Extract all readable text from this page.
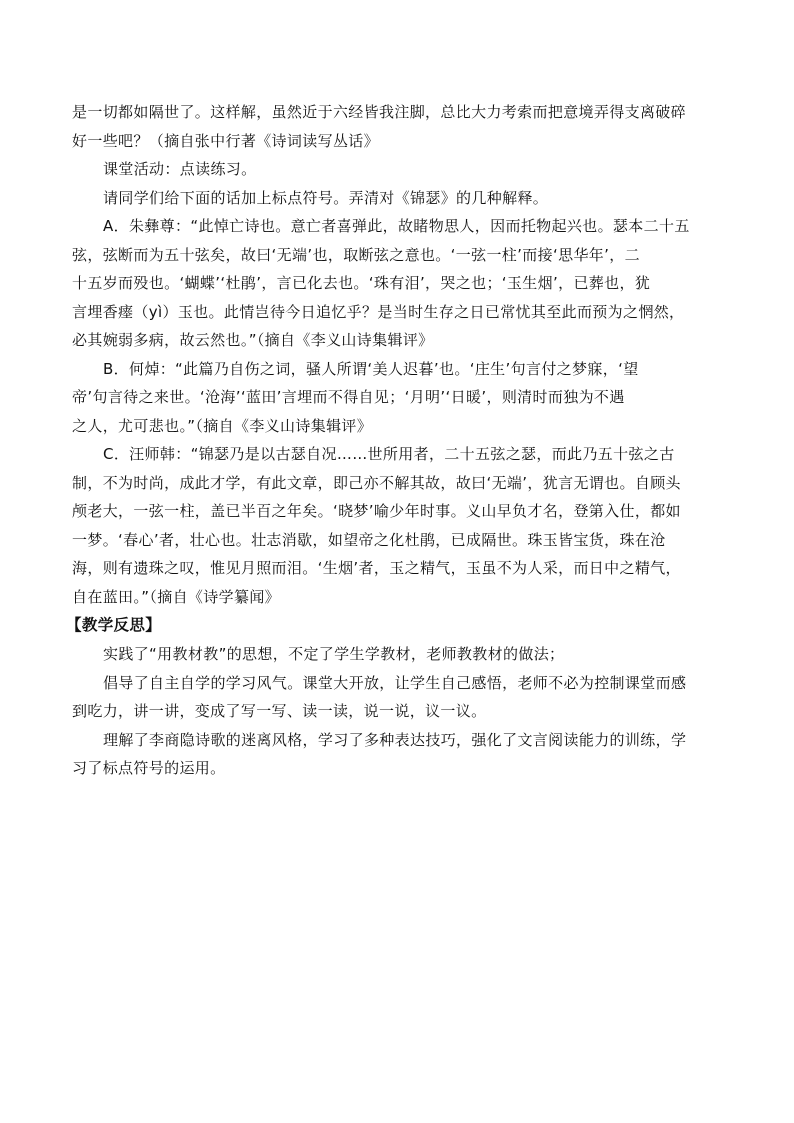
是一切都如隔世了。这样解，虽然近于六经皆我注脚，总比大力考索而把意境弄得支离破碎
好一些吧？（摘自张中行著《诗词读写丛话》
课堂活动：点读练习。
请同学们给下面的话加上标点符号。弄清对《锦瑟》的几种解释。
A．朱彝尊：“此悼亡诗也。意亡者喜弹此，故睹物思人，因而托物起兴也。瑟本二十五
弦，弦断而为五十弦矣，故曰‘无端’也，取断弦之意也。‘一弦一柱’而接‘思华年’，二
十五岁而殁也。‘蝴蝶’‘杜鹃’，言已化去也。‘珠有泪’，哭之也；‘玉生烟’，已葬也，犹
言埋香瘗（yì）玉也。此情岂待今日追忆乎？是当时生存之日已常忧其至此而预为之惘然，
必其婉弱多病，故云然也。”（摘自《李义山诗集辑评》
B．何焯：“此篇乃自伤之词，骚人所谓‘美人迟暮’也。‘庄生’句言付之梦寐，‘望
帝’句言待之来世。‘沧海’‘蓝田’言埋而不得自见；‘月明’‘日暖’，则清时而独为不遇
之人，尤可悲也。”（摘自《李义山诗集辑评》
C．汪师韩：“锦瑟乃是以古瑟自况……世所用者，二十五弦之瑟，而此乃五十弦之古
制，不为时尚，成此才学，有此文章，即己亦不解其故，故曰‘无端’，犹言无谓也。自顾头
颅老大，一弦一柱，盖已半百之年矣。‘晓梦’喻少年时事。义山早负才名，登第入仕，都如
一梦。‘春心’者，壮心也。壮志消歇，如望帝之化杜鹃，已成隔世。珠玉皆宝货，珠在沧
海，则有遗珠之叹，惟见月照而泪。‘生烟’者，玉之精气，玉虽不为人采，而日中之精气，
自在蓝田。”（摘自《诗学纂闻》
【教学反思】
实践了“用教材教”的思想，不定了学生学教材，老师教教材的做法；
倡导了自主自学的学习风气。课堂大开放，让学生自己感悟，老师不必为控制课堂而感
到吃力，讲一讲，变成了写一写、读一读，说一说，议一议。
理解了李商隐诗歌的迷离风格，学习了多种表达技巧，强化了文言阅读能力的训练，学
习了标点符号的运用。
